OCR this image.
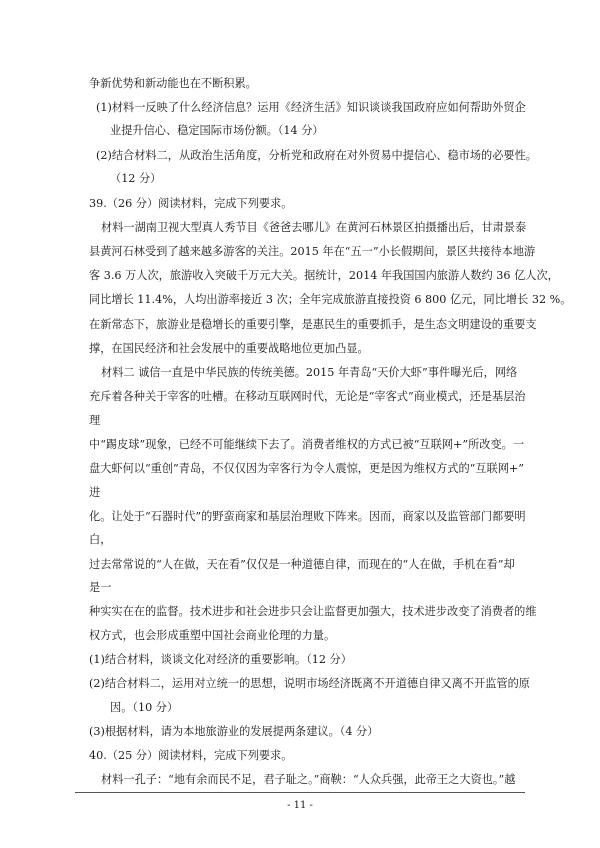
争新优势和新动能也在不断积累。
(1)材料一反映了什么经济信息？运用《经济生活》知识谈谈我国政府应如何帮助外贸企
业提升信心、稳定国际市场份额。（14 分）
(2)结合材料二，从政治生活角度，分析党和政府在对外贸易中提信心、稳市场的必要性。
（12 分）
39.（26 分）阅读材料，完成下列要求。
材料一湖南卫视大型真人秀节目《爸爸去哪儿》在黄河石林景区拍摄播出后，甘肃景泰
县黄河石林受到了越来越多游客的关注。2015 年在“五一”小长假期间，景区共接待本地游
客 3.6 万人次，旅游收入突破千万元大关。据统计，2014 年我国国内旅游人数约 36 亿人次，
同比增长 11.4%，人均出游率接近 3 次；全年完成旅游直接投资 6 800 亿元，同比增长 32 %。
在新常态下，旅游业是稳增长的重要引擎，是惠民生的重要抓手，是生态文明建设的重要支
撑，在国民经济和社会发展中的重要战略地位更加凸显。
材料二 诚信一直是中华民族的传统美德。2015 年青岛“天价大虾”事件曝光后，网络
充斥着各种关于宰客的吐槽。在移动互联网时代，无论是“宰客式”商业模式，还是基层治
理
中“踢皮球”现象，已经不可能继续下去了。消费者维权的方式已被“互联网+”所改变。一
盘大虾何以“重创”青岛，不仅仅因为宰客行为令人震惊，更是因为维权方式的“互联网+”
进
化。让处于“石器时代”的野蛮商家和基层治理败下阵来。因而，商家以及监管部门都要明
白，
过去常常说的“人在做，天在看”仅仅是一种道德自律，而现在的“人在做，手机在看”却
是一
种实实在在的监督。技术进步和社会进步只会让监督更加强大，技术进步改变了消费者的维
权方式，也会形成重塑中国社会商业伦理的力量。
(1)结合材料，谈谈文化对经济的重要影响。（12 分）
(2)结合材料二，运用对立统一的思想，说明市场经济既离不开道德自律又离不开监管的原
因。（10 分）
(3)根据材料，请为本地旅游业的发展提两条建议。（4 分）
40.（25 分）阅读材料，完成下列要求。
材料一孔子：“地有余而民不足，君子耻之。”商鞅：“人众兵强，此帝王之大资也。”越
- 11 -
